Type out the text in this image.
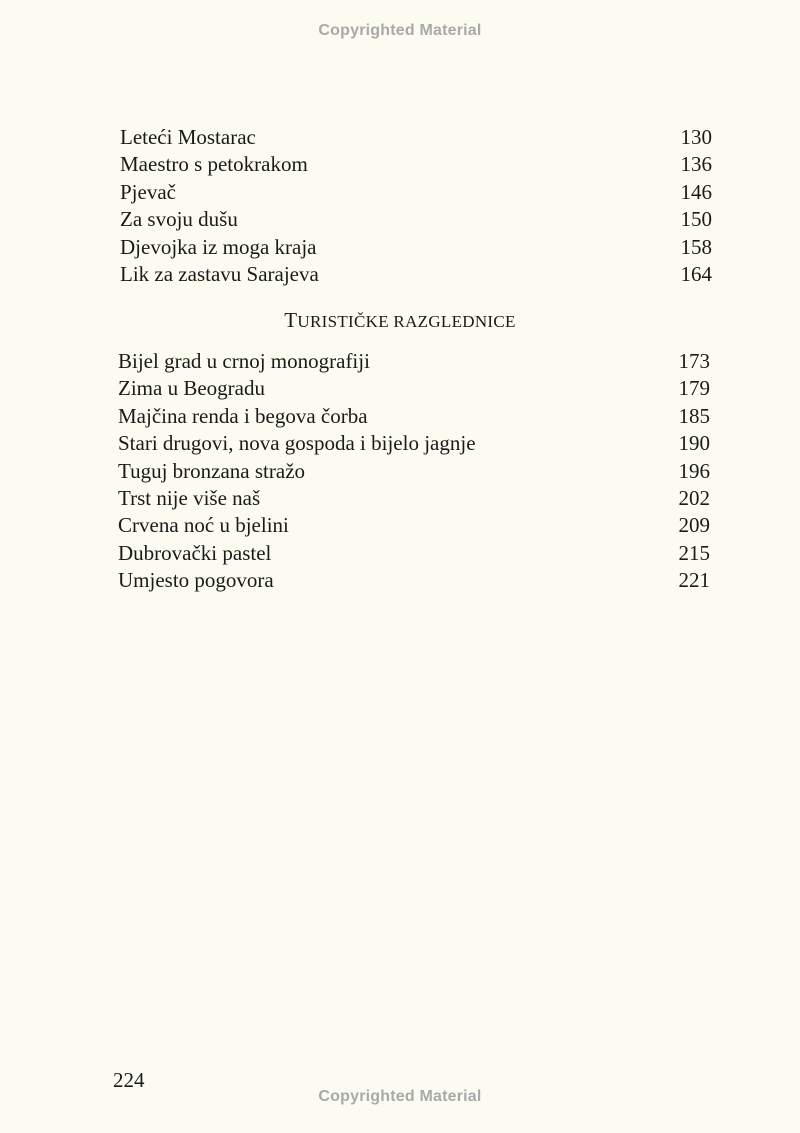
Copyrighted Material
Leteći Mostarac	130
Maestro s petokrakom	136
Pjevač	146
Za svoju dušu	150
Djevojka iz moga kraja	158
Lik za zastavu Sarajeva	164
TURISTIČKE RAZGLEDNICE
Bijel grad u crnoj monografiji	173
Zima u Beogradu	179
Majčina renda i begova čorba	185
Stari drugovi, nova gospoda i bijelo jagnje	190
Tuguj bronzana stražo	196
Trst nije više naš	202
Crvena noć u bjelini	209
Dubrovački pastel	215
Umjesto pogovora	221
224
Copyrighted Material
